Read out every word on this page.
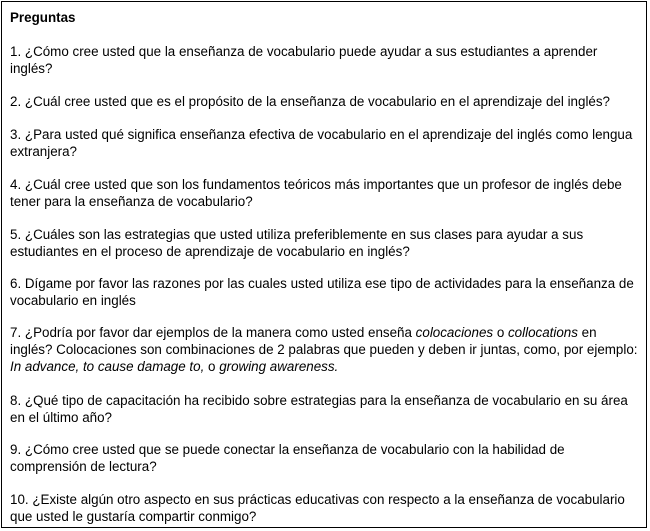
Preguntas

1. ¿Cómo cree usted que la enseñanza de vocabulario puede ayudar a sus estudiantes a aprender inglés?

2. ¿Cuál cree usted que es el propósito de la enseñanza de vocabulario en el aprendizaje del inglés?

3. ¿Para usted qué significa enseñanza efectiva de vocabulario en el aprendizaje del inglés como lengua extranjera?

4. ¿Cuál cree usted que son los fundamentos teóricos más importantes que un profesor de inglés debe tener para la enseñanza de vocabulario?

5. ¿Cuáles son las estrategias que usted utiliza preferiblemente en sus clases para ayudar a sus estudiantes en el proceso de aprendizaje de vocabulario en inglés?

6. Dígame por favor las razones por las cuales usted utiliza ese tipo de actividades para la enseñanza de vocabulario en inglés

7. ¿Podría por favor dar ejemplos de la manera como usted enseña colocaciones o collocations en inglés? Colocaciones son combinaciones de 2 palabras que pueden y deben ir juntas, como, por ejemplo: In advance, to cause damage to, o growing awareness.

8. ¿Qué tipo de capacitación ha recibido sobre estrategias para la enseñanza de vocabulario en su área en el último año?

9. ¿Cómo cree usted que se puede conectar la enseñanza de vocabulario con la habilidad de comprensión de lectura?

10. ¿Existe algún otro aspecto en sus prácticas educativas con respecto a la enseñanza de vocabulario que usted le gustaría compartir conmigo?
